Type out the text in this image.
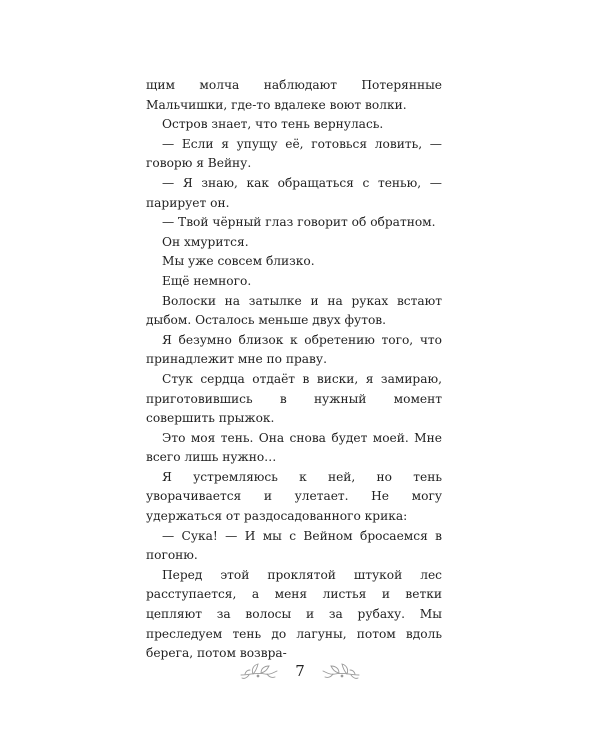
щим молча наблюдают Потерянные Мальчишки, где-то вдалеке воют волки.

Остров знает, что тень вернулась.

— Если я упущу её, готовься ловить, — говорю я Вейну.

— Я знаю, как обращаться с тенью, — парирует он.

— Твой чёрный глаз говорит об обратном.

Он хмурится.

Мы уже совсем близко.

Ещё немного.

Волоски на затылке и на руках встают дыбом. Осталось меньше двух футов.

Я безумно близок к обретению того, что принадлежит мне по праву.

Стук сердца отдаёт в виски, я замираю, приготовившись в нужный момент совершить прыжок.

Это моя тень. Она снова будет моей. Мне всего лишь нужно…

Я устремляюсь к ней, но тень уворачивается и улетает. Не могу удержаться от раздосадованного крика:

— Сука! — И мы с Вейном бросаемся в погоню.

Перед этой проклятой штукой лес расступается, а меня листья и ветки цепляют за волосы и за рубаху. Мы преследуем тень до лагуны, потом вдоль берега, потом возвра-

7
